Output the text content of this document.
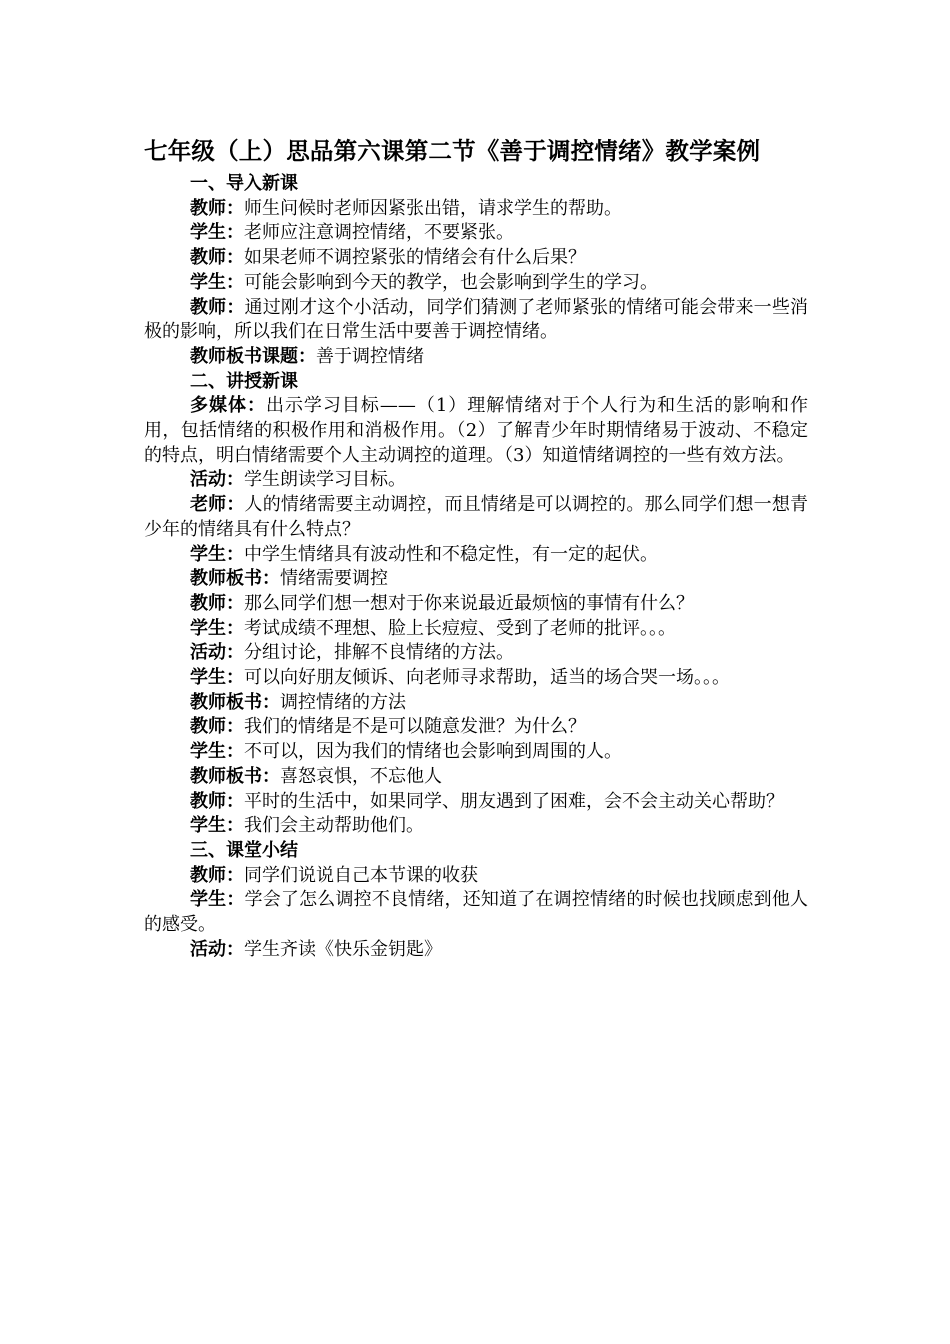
七年级（上）思品第六课第二节《善于调控情绪》教学案例

一、导入新课

教师：师生问候时老师因紧张出错，请求学生的帮助。

学生：老师应注意调控情绪，不要紧张。

教师：如果老师不调控紧张的情绪会有什么后果？

学生：可能会影响到今天的教学，也会影响到学生的学习。

教师：通过刚才这个小活动，同学们猜测了老师紧张的情绪可能会带来一些消极的影响，所以我们在日常生活中要善于调控情绪。

教师板书课题：善于调控情绪

二、讲授新课

多媒体：出示学习目标——（1）理解情绪对于个人行为和生活的影响和作用，包括情绪的积极作用和消极作用。（2）了解青少年时期情绪易于波动、不稳定的特点，明白情绪需要个人主动调控的道理。（3）知道情绪调控的一些有效方法。

活动：学生朗读学习目标。

老师：人的情绪需要主动调控，而且情绪是可以调控的。那么同学们想一想青少年的情绪具有什么特点？

学生：中学生情绪具有波动性和不稳定性，有一定的起伏。

教师板书：情绪需要调控

教师：那么同学们想一想对于你来说最近最烦恼的事情有什么？

学生：考试成绩不理想、脸上长痘痘、受到了老师的批评。。。

活动：分组讨论，排解不良情绪的方法。

学生：可以向好朋友倾诉、向老师寻求帮助，适当的场合哭一场。。。

教师板书：调控情绪的方法

教师：我们的情绪是不是可以随意发泄？为什么？

学生：不可以，因为我们的情绪也会影响到周围的人。

教师板书：喜怒哀惧，不忘他人

教师：平时的生活中，如果同学、朋友遇到了困难，会不会主动关心帮助？

学生：我们会主动帮助他们。

三、课堂小结

教师：同学们说说自己本节课的收获

学生：学会了怎么调控不良情绪，还知道了在调控情绪的时候也找顾虑到他人的感受。

活动：学生齐读《快乐金钥匙》
